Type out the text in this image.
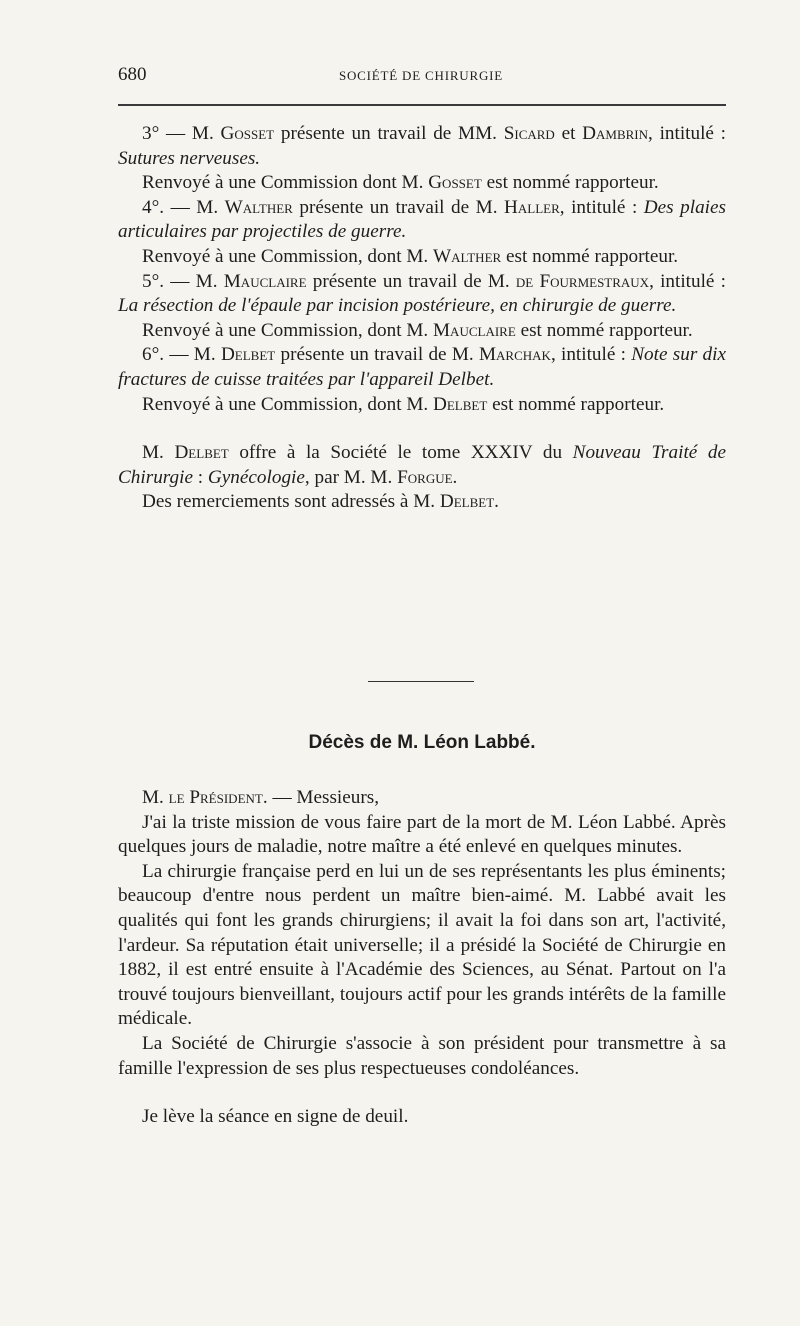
680	SOCIÉTÉ DE CHIRURGIE

3° — M. Gosset présente un travail de MM. Sicard et Dambrin, intitulé : Sutures nerveuses.

Renvoyé à une Commission dont M. Gosset est nommé rapporteur.

4°. — M. Walther présente un travail de M. Haller, intitulé : Des plaies articulaires par projectiles de guerre.

Renvoyé à une Commission, dont M. Walther est nommé rapporteur.

5°. — M. Mauclaire présente un travail de M. de Fourmestraux, intitulé : La résection de l'épaule par incision postérieure, en chirurgie de guerre.

Renvoyé à une Commission, dont M. Mauclaire est nommé rapporteur.

6°. — M. Delbet présente un travail de M. Marchak, intitulé : Note sur dix fractures de cuisse traitées par l'appareil Delbet.

Renvoyé à une Commission, dont M. Delbet est nommé rapporteur.

M. Delbet offre à la Société le tome XXXIV du Nouveau Traité de Chirurgie : Gynécologie, par M. M. Forgue.

Des remerciements sont adressés à M. Delbet.

Décès de M. Léon Labbé.

M. le Président. — Messieurs,

J'ai la triste mission de vous faire part de la mort de M. Léon Labbé. Après quelques jours de maladie, notre maître a été enlevé en quelques minutes.

La chirurgie française perd en lui un de ses représentants les plus éminents; beaucoup d'entre nous perdent un maître bien-aimé. M. Labbé avait les qualités qui font les grands chirurgiens; il avait la foi dans son art, l'activité, l'ardeur. Sa réputation était universelle; il a présidé la Société de Chirurgie en 1882, il est entré ensuite à l'Académie des Sciences, au Sénat. Partout on l'a trouvé toujours bienveillant, toujours actif pour les grands intérêts de la famille médicale.

La Société de Chirurgie s'associe à son président pour transmettre à sa famille l'expression de ses plus respectueuses condoléances.

Je lève la séance en signe de deuil.
